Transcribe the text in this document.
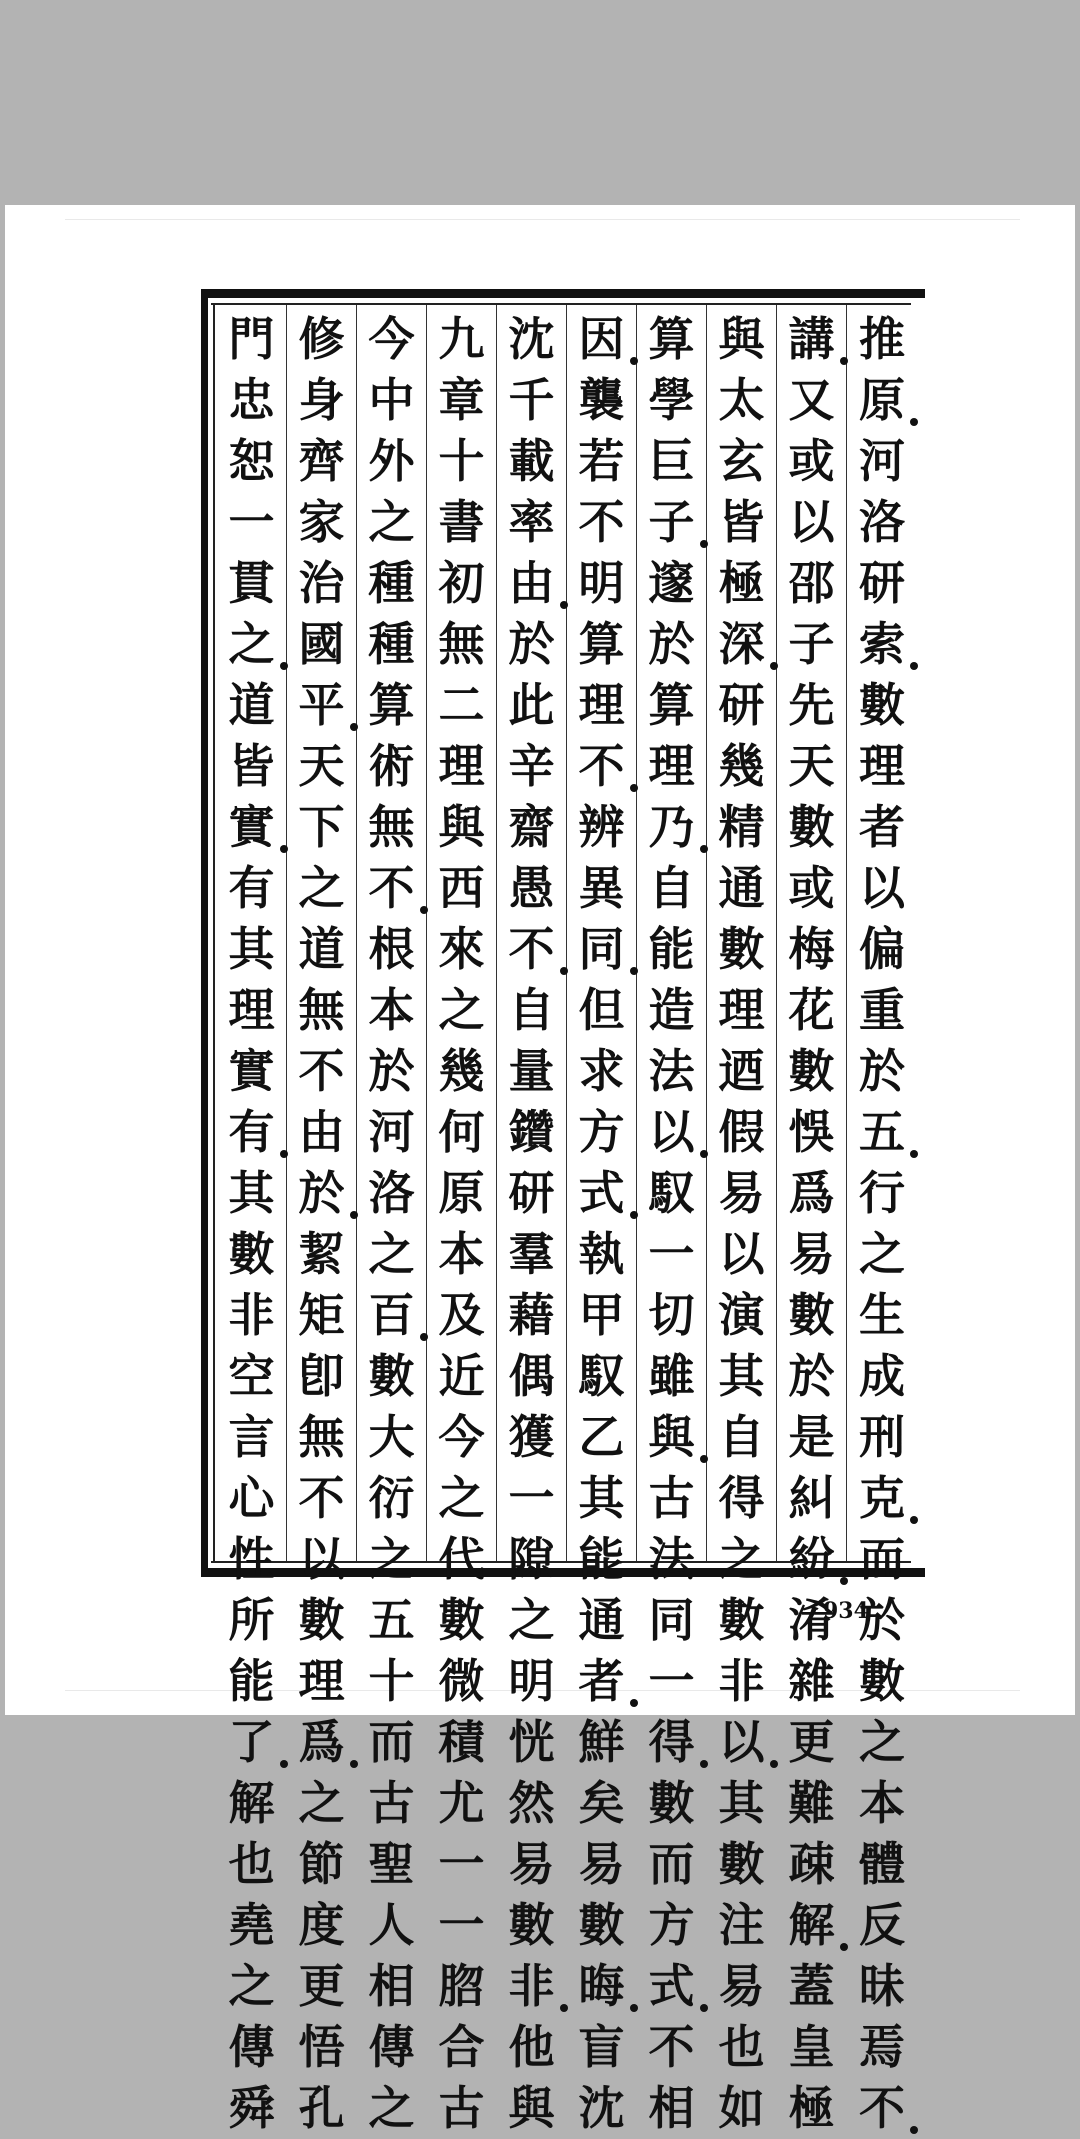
推
原
河
洛
研
索
數
理
者
以
偏
重
於
五
行
之
生
成
刑
克
而
於
數
之
本
體
反
昧
焉
不
講
又
或
以
邵
子
先
天
數
或
梅
花
數
悞
爲
易
數
於
是
糾
紛
淆
雜
更
難
疎
解
蓋
皇
極
與
太
玄
皆
極
深
研
幾
精
通
數
理
迺
假
易
以
演
其
自
得
之
數
非
以
其
數
注
易
也
如
算
學
巨
子
邃
於
算
理
乃
自
能
造
法
以
馭
一
切
雖
與
古
法
同
一
得
數
而
方
式
不
相
因
襲
若
不
明
算
理
不
辨
異
同
但
求
方
式
執
甲
馭
乙
其
能
通
者
鮮
矣
易
數
晦
盲
沈
沈
千
載
率
由
於
此
辛
齋
愚
不
自
量
鑽
研
羣
藉
偶
獲
一
隙
之
明
恍
然
易
數
非
他
與
九
章
十
書
初
無
二
理
與
西
來
之
幾
何
原
本
及
近
今
之
代
數
微
積
尤
一
一
脗
合
古
今
中
外
之
種
種
算
術
無
不
根
本
於
河
洛
之
百
數
大
衍
之
五
十
而
古
聖
人
相
傳
之
修
身
齊
家
治
國
平
天
下
之
道
無
不
由
於
絜
矩
卽
無
不
以
數
理
爲
之
節
度
更
悟
孔
門
忠
恕
一
貫
之
道
皆
實
有
其
理
實
有
其
數
非
空
言
心
性
所
能
了
解
也
堯
之
傳
舜
934
